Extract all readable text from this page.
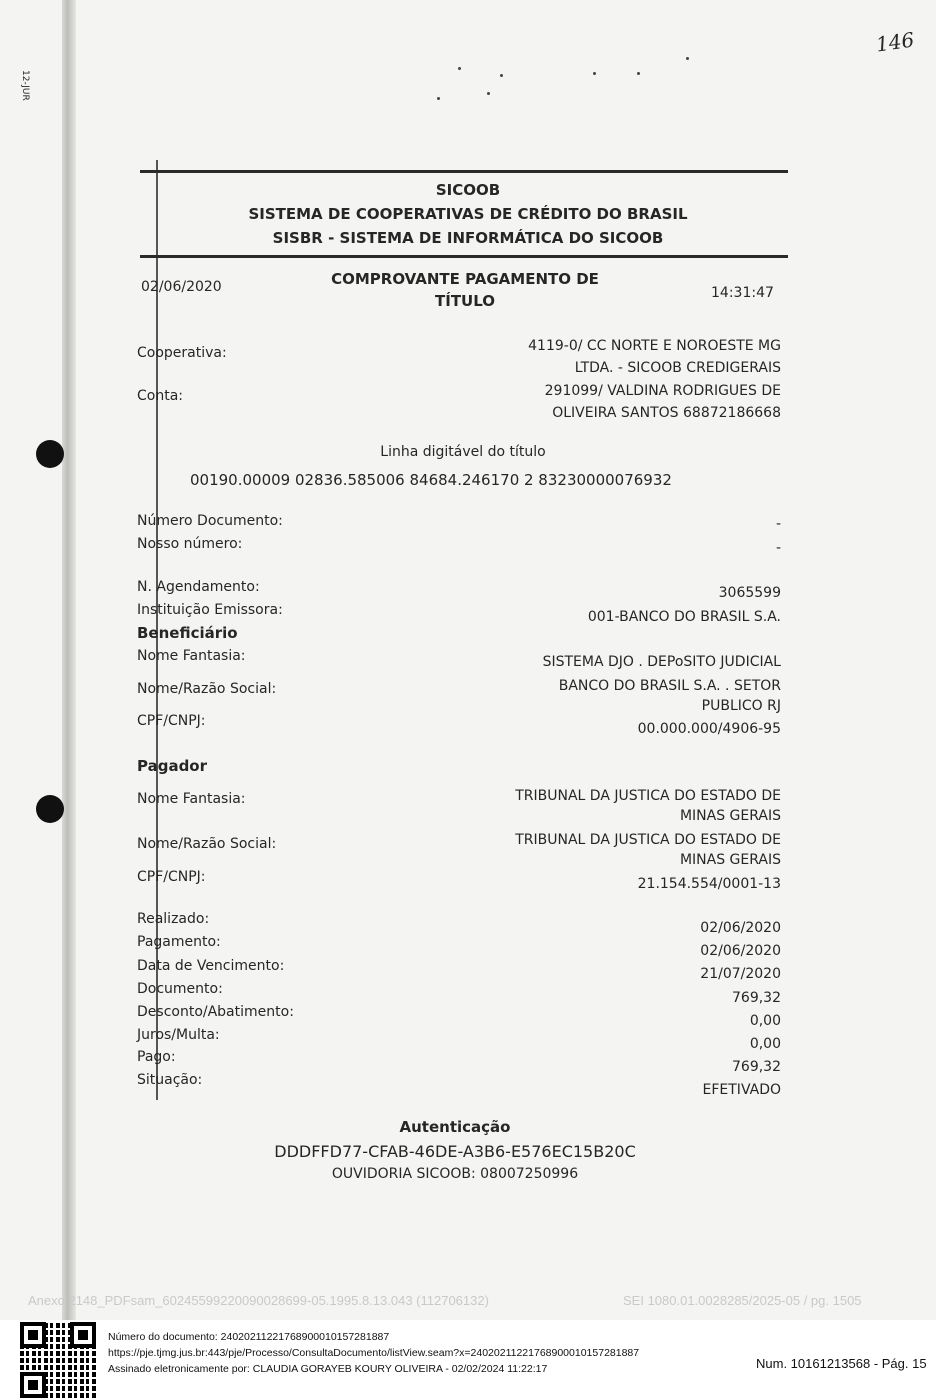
12-JUR
146
SICOOB
SISTEMA DE COOPERATIVAS DE CRÉDITO DO BRASIL
SISBR - SISTEMA DE INFORMÁTICA DO SICOOB
02/06/2020	COMPROVANTE PAGAMENTO DE
TÍTULO	14:31:47
Cooperativa:	4119-0/ CC NORTE E NOROESTE MG
LTDA. - SICOOB CREDIGERAIS
Conta:	291099/ VALDINA RODRIGUES DE
OLIVEIRA SANTOS 68872186668
Linha digitável do título
00190.00009 02836.585006 84684.246170 2 83230000076932
Número Documento:	-
Nosso número:	-
N. Agendamento:	3065599
Instituição Emissora:	001-BANCO DO BRASIL S.A.
Beneficiário
Nome Fantasia:	SISTEMA DJO . DEPoSITO JUDICIAL
Nome/Razão Social:	BANCO DO BRASIL S.A. . SETOR
PUBLICO RJ
CPF/CNPJ:	00.000.000/4906-95
Pagador
Nome Fantasia:	TRIBUNAL DA JUSTICA DO ESTADO DE
MINAS GERAIS
Nome/Razão Social:	TRIBUNAL DA JUSTICA DO ESTADO DE
MINAS GERAIS
CPF/CNPJ:	21.154.554/0001-13
Realizado:
02/06/2020
Pagamento:
02/06/2020
Data de Vencimento:	21/07/2020
Documento:
769,32
Desconto/Abatimento:
0,00
Juros/Multa:
0,00
Pago:
769,32
Situação:
EFETIVADO
Autenticação
DDDFFD77-CFAB-46DE-A3B6-E576EC15B20C
OUVIDORIA SICOOB: 08007250996
Anexo 2148_PDFsam_60245599220090028699-05.1995.8.13.043 (112706132)	SEI 1080.01.0028285/2025-05 / pg. 1505
Número do documento: 24020211221768900010157281887
https://pje.tjmg.jus.br:443/pje/Processo/ConsultaDocumento/listView.seam?x=24020211221768900010157281887
Assinado eletronicamente por: CLAUDIA GORAYEB KOURY OLIVEIRA - 02/02/2024 11:22:17	Num. 10161213568 - Pág. 15
